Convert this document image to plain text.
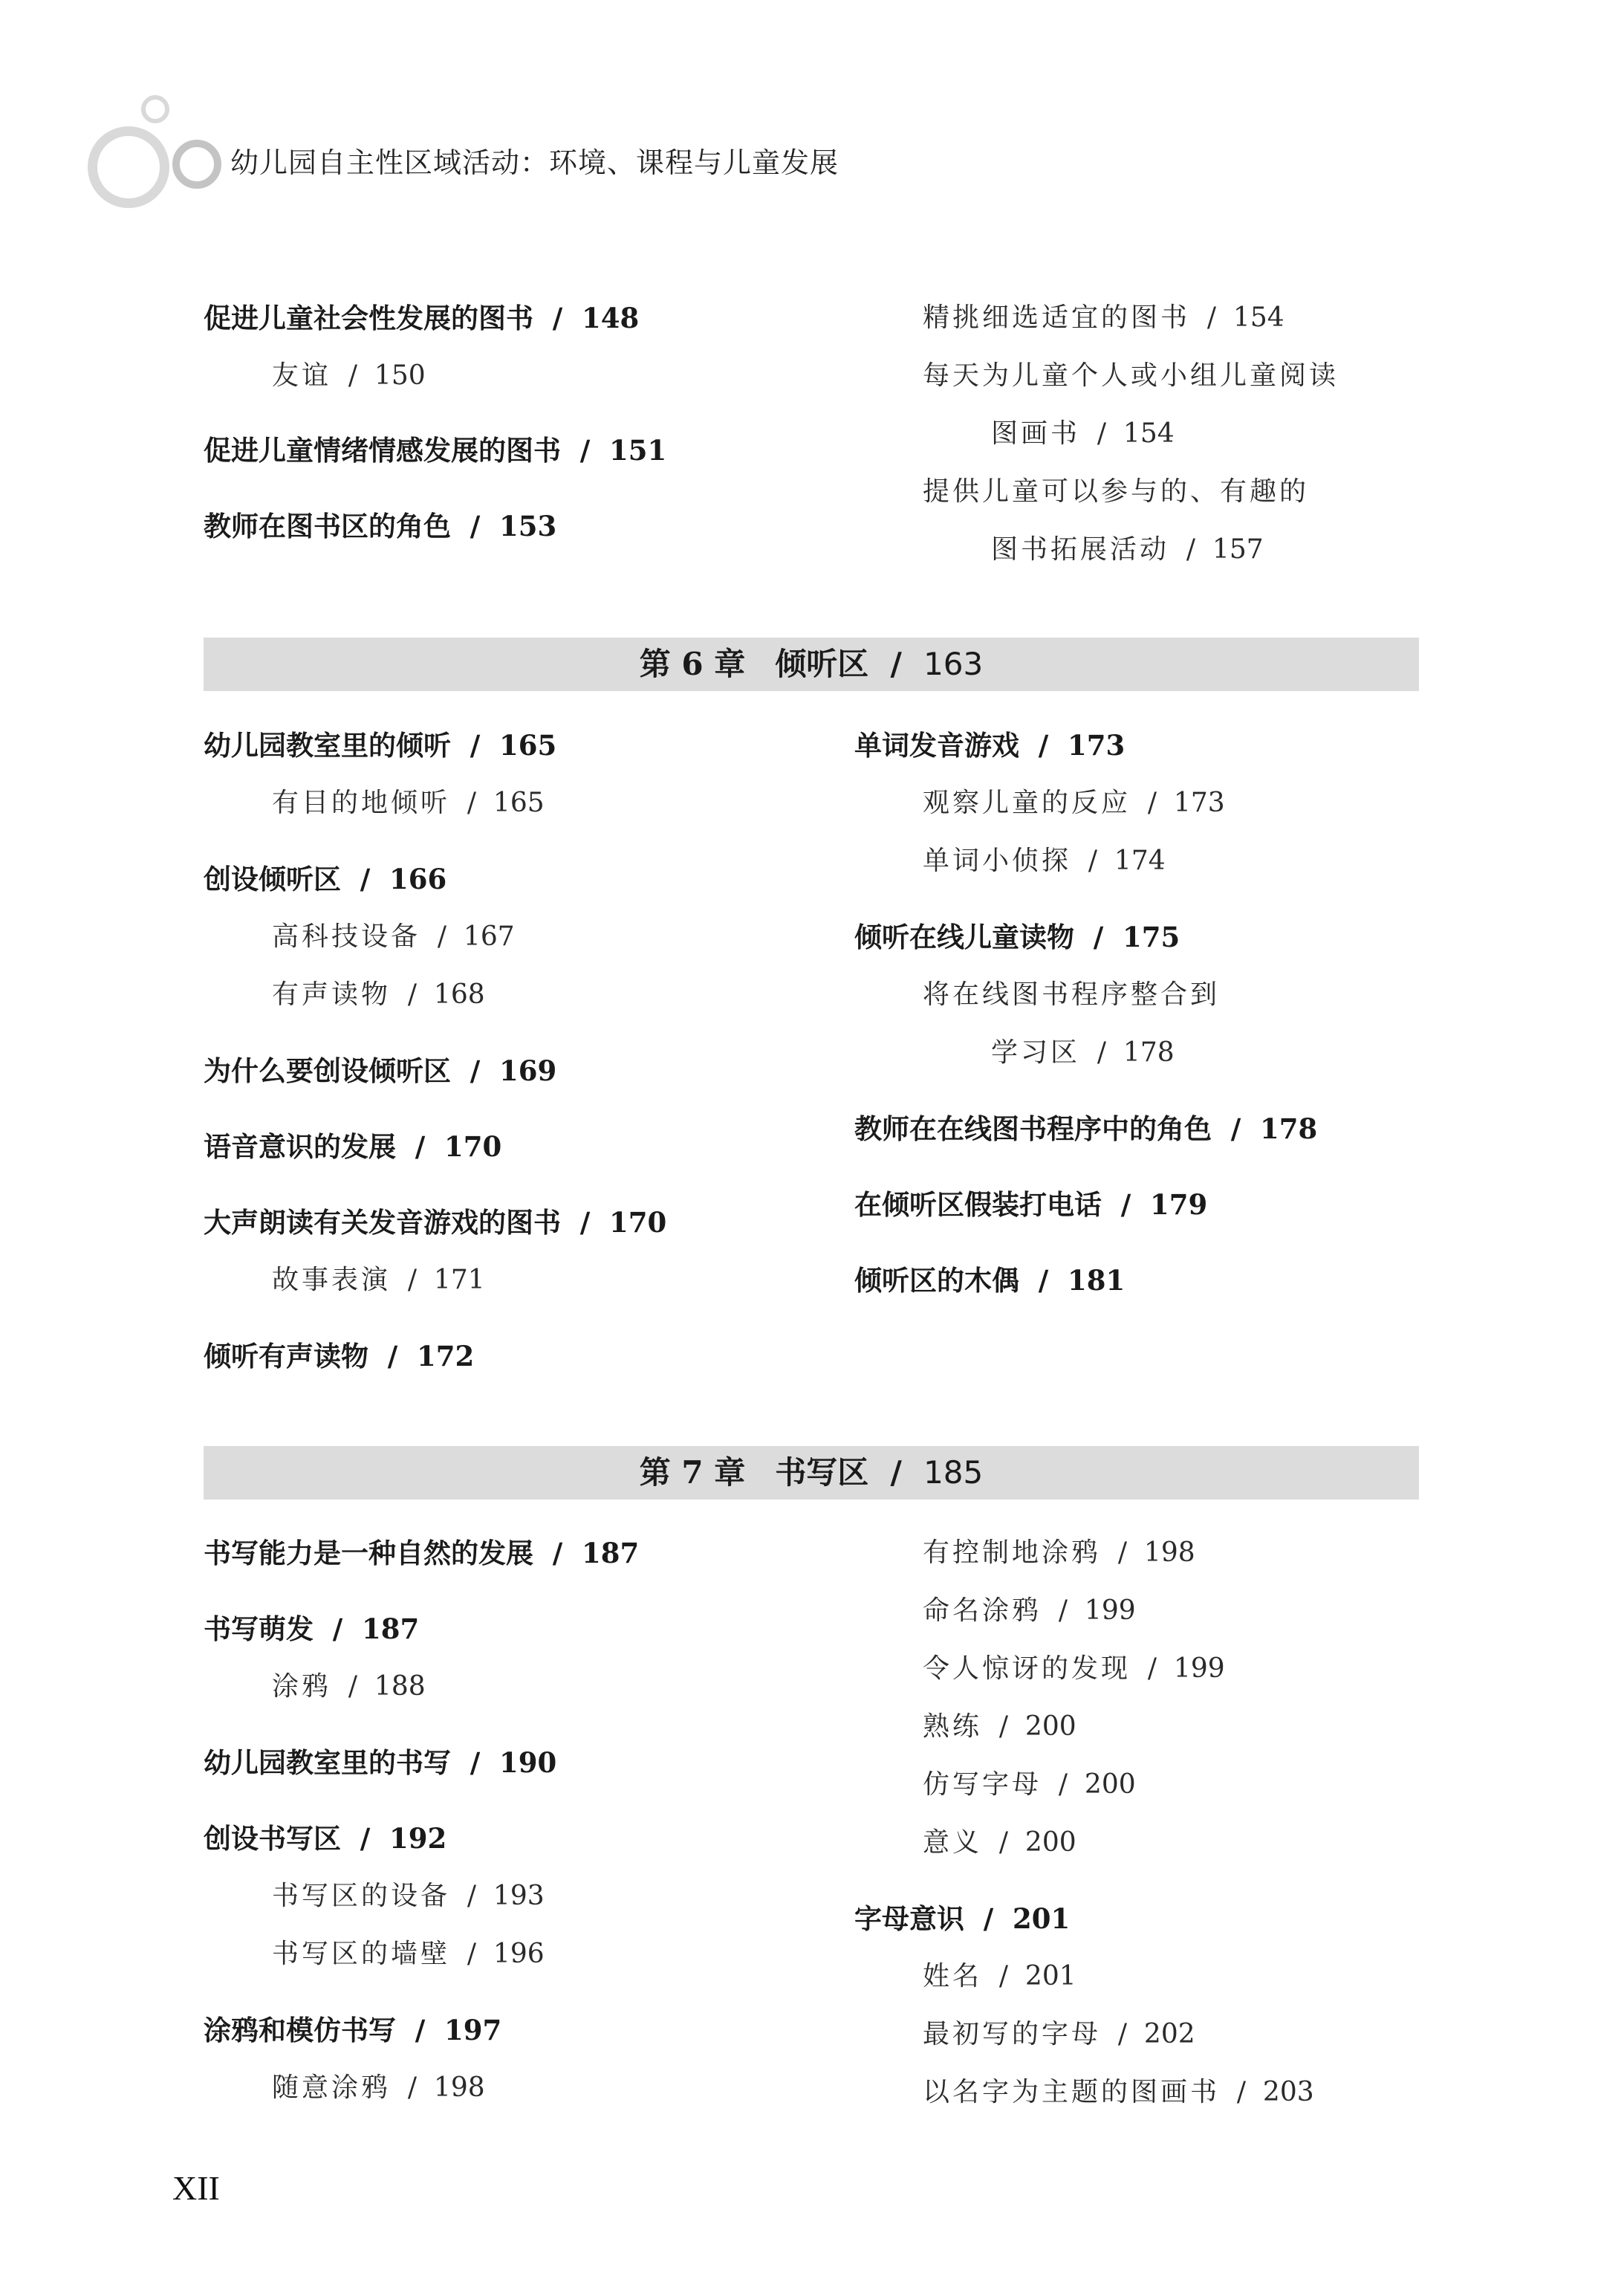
幼儿园自主性区域活动：环境、课程与儿童发展
促进儿童社会性发展的图书  /  148
友谊  /  150
促进儿童情绪情感发展的图书  /  151
教师在图书区的角色  /  153
精挑细选适宜的图书  /  154
每天为儿童个人或小组儿童阅读
图画书  /  154
提供儿童可以参与的、有趣的
图书拓展活动  /  157
第 6 章 倾听区  /  163
幼儿园教室里的倾听  /  165
有目的地倾听  /  165
创设倾听区  /  166
高科技设备  /  167
有声读物  /  168
为什么要创设倾听区  /  169
语音意识的发展  /  170
大声朗读有关发音游戏的图书  /  170
故事表演  /  171
倾听有声读物  /  172
单词发音游戏  /  173
观察儿童的反应  /  173
单词小侦探  /  174
倾听在线儿童读物  /  175
将在线图书程序整合到
学习区  /  178
教师在在线图书程序中的角色  /  178
在倾听区假装打电话  /  179
倾听区的木偶  /  181
第 7 章 书写区  /  185
书写能力是一种自然的发展  /  187
书写萌发  /  187
涂鸦  /  188
幼儿园教室里的书写  /  190
创设书写区  /  192
书写区的设备  /  193
书写区的墙壁  /  196
涂鸦和模仿书写  /  197
随意涂鸦  /  198
有控制地涂鸦  /  198
命名涂鸦  /  199
令人惊讶的发现  /  199
熟练  /  200
仿写字母  /  200
意义  /  200
字母意识  /  201
姓名  /  201
最初写的字母  /  202
以名字为主题的图画书  /  203
XII
